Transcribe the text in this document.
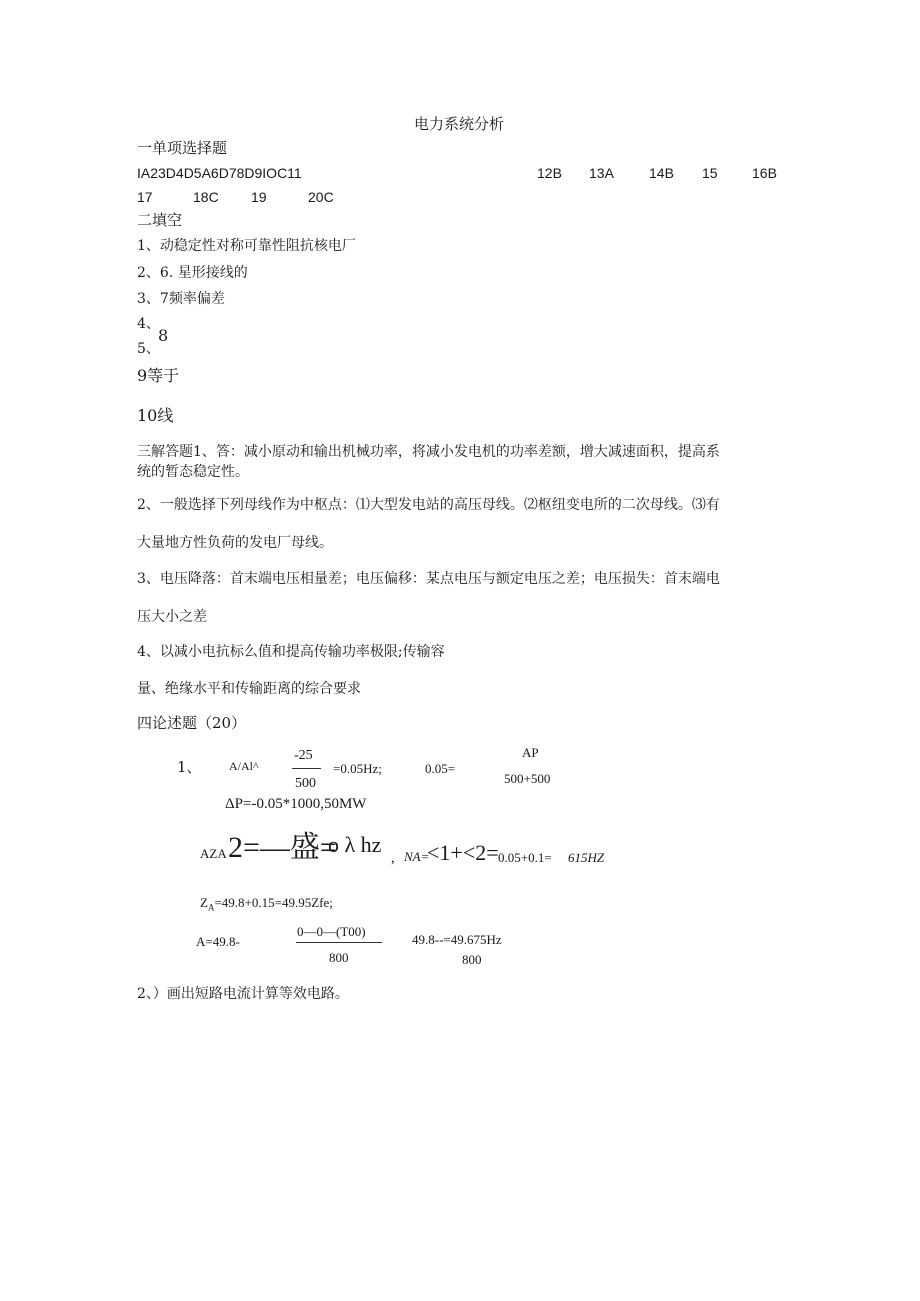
电力系统分析
一单项选择题
IA23D4D5A6D78D9IOC11	12B 13A	14B 15 16B
17	18C 19	20C
二填空
1、动稳定性对称可靠性阻抗核电厂
2、6. 星形接线的
3、7频率偏差
4、
8
5、
9等于
10线
三解答题1、答：减小原动和输出机械功率，将减小发电机的功率差额，增大减速面积，提高系
统的暂态稳定性。
2、一般选择下列母线作为中枢点：⑴大型发电站的高压母线。⑵枢纽变电所的二次母线。⑶有
大量地方性负荷的发电厂母线。
3、电压降落：首末端电压相量差；电压偏移：某点电压与额定电压之差；电压损失：首末端电
压大小之差
4、以减小电抗标么值和提高传输功率极限;传输容
量、绝缘水平和传输距离的综合要求
四论述题（20）
1、 A/Al^
-25
500
=0.05Hz;	0.05=
AP
500+500
ΔP=-0.05*1000,50MW
AZA 2=—盛=
o λ hz
, NA=
<1+<2= 0.05+0.1= 615HZ
$Z_A=49.8+0.15=49.95Zfe$;
A=49.8-
0—0—(T00)
800
49.8--=49.675Hz
800
2、）画出短路电流计算等效电路。
